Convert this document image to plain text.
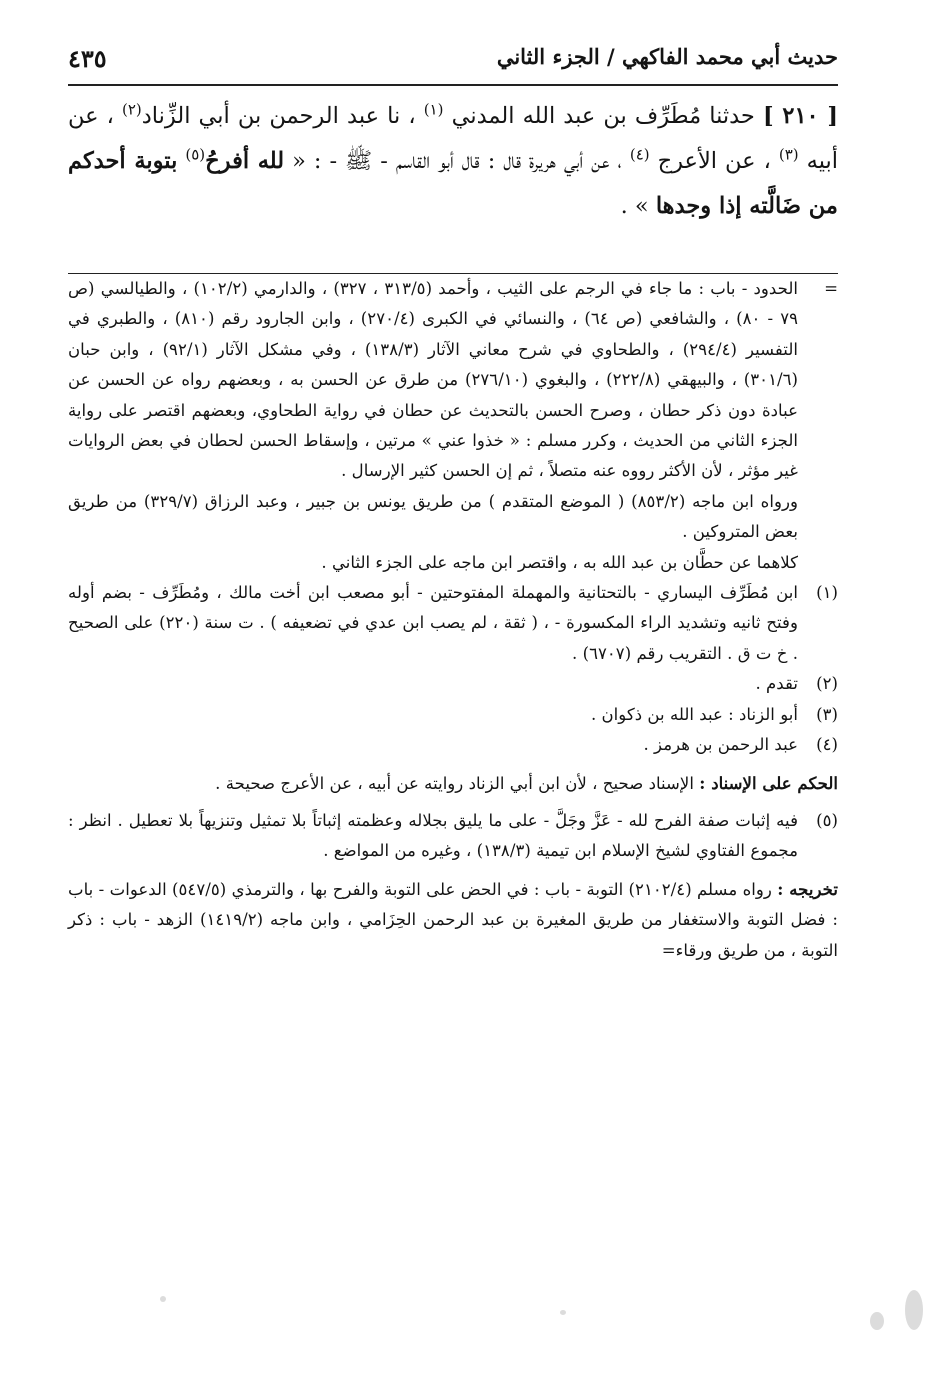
حديث أبي محمد الفاكهي / الجزء الثاني
٤٣٥
[ ٢١٠ ] حدثنا مُطَرِّف بن عبد الله المدني $^{(١)}$ ، نا عبد الرحمن بن أبي الزِّناد$^{(٢)}$ ، عن أبيه $^{(٣)}$ ، عن الأعرج $^{(٤)}$ ، عن أبي هريرة قال : قال أبو القاسم - ﷺ - : « لله أفرحُ$^{(٥)}$ بتوبة أحدكم من ضَالَّته إذا وجدها » .

=
الحدود - باب : ما جاء في الرجم على الثيب ، وأحمد (٣١٣/٥ ، ٣٢٧) ، والدارمي (١٠٢/٢) ، والطيالسي (ص ٧٩ - ٨٠) ، والشافعي (ص ٦٤) ، والنسائي في الكبرى (٢٧٠/٤) ، وابن الجارود رقم (٨١٠) ، والطبري في التفسير (٢٩٤/٤) ، والطحاوي في شرح معاني الآثار (١٣٨/٣) ، وفي مشكل الآثار (٩٢/١) ، وابن حبان (٣٠١/٦) ، والبيهقي (٢٢٢/٨) ، والبغوي (٢٧٦/١٠) من طرق عن الحسن به ، وبعضهم رواه عن الحسن عن عبادة دون ذكر حطان ، وصرح الحسن بالتحديث عن حطان في رواية الطحاوي، وبعضهم اقتصر على رواية الجزء الثاني من الحديث ، وكرر مسلم : « خذوا عني » مرتين ، وإسقاط الحسن لحطان في بعض الروايات غير مؤثر ، لأن الأكثر رووه عنه متصلاً ، ثم إن الحسن كثير الإرسال .

ورواه ابن ماجه (٨٥٣/٢) ( الموضع المتقدم ) من طريق يونس بن جبير ، وعبد الرزاق (٣٢٩/٧) من طريق بعض المتروكين .

كلاهما عن حطَّان بن عبد الله به ، واقتصر ابن ماجه على الجزء الثاني .

(١)
ابن مُطَرِّف اليساري - بالتحتانية والمهملة المفتوحتين - أبو مصعب ابن أخت مالك ، ومُطَرِّف - بضم أوله وفتح ثانيه وتشديد الراء المكسورة - ، ( ثقة ، لم يصب ابن عدي في تضعيفه ) . ت سنة (٢٢٠) على الصحيح . خ ت ق . التقريب رقم (٦٧٠٧) .

(٢)
تقدم .

(٣)
أبو الزناد : عبد الله بن ذكوان .

(٤)
عبد الرحمن بن هرمز .

الحكم على الإسناد : الإسناد صحيح ، لأن ابن أبي الزناد روايته عن أبيه ، عن الأعرج صحيحة .

(٥)
فيه إثبات صفة الفرح لله - عَزَّ وجَلَّ - على ما يليق بجلاله وعظمته إثباتاً بلا تمثيل وتنزيهاً بلا تعطيل . انظر : مجموع الفتاوي لشيخ الإسلام ابن تيمية (١٣٨/٣) ، وغيره من المواضع .

تخريجه : رواه مسلم (٢١٠٢/٤) التوبة - باب : في الحض على التوبة والفرح بها ، والترمذي (٥٤٧/٥) الدعوات - باب : فضل التوبة والاستغفار من طريق المغيرة بن عبد الرحمن الحِزَامي ، وابن ماجه (١٤١٩/٢) الزهد - باب : ذكر التوبة ، من طريق ورقاء=
